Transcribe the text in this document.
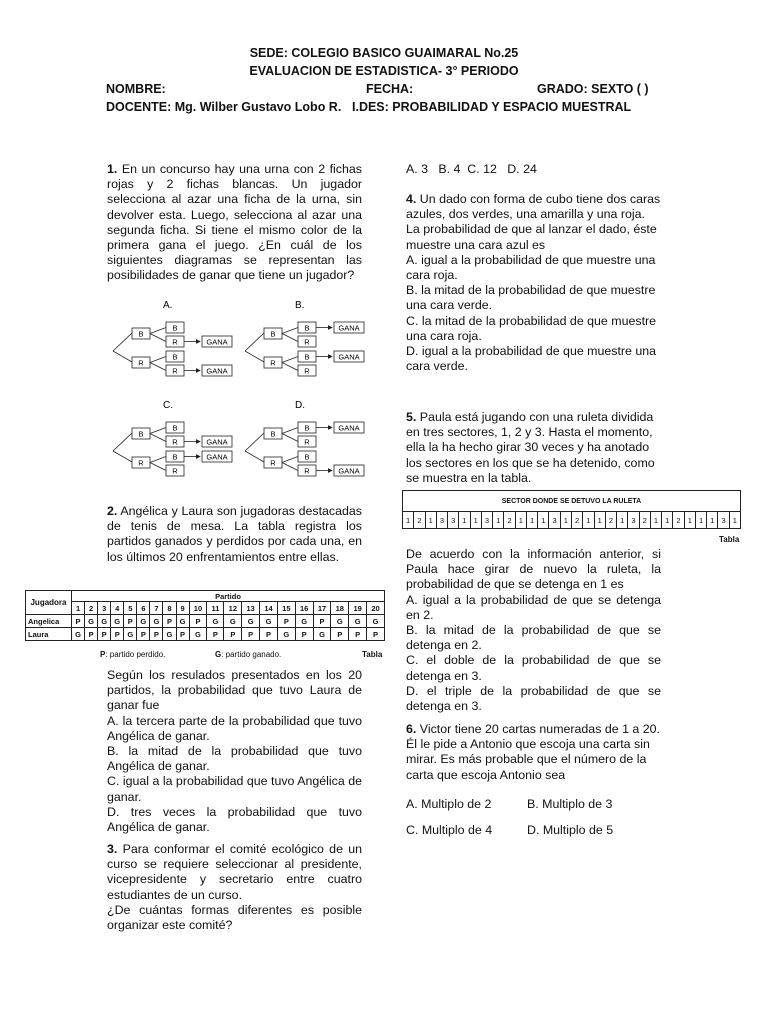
SEDE: COLEGIO BASICO GUAIMARAL No.25
EVALUACION DE ESTADISTICA- 3° PERIODO
NOMBRE:	FECHA:	GRADO: SEXTO ( )
DOCENTE: Mg. Wilber Gustavo Lobo R. I.DES: PROBABILIDAD Y ESPACIO MUESTRAL

1. En un concurso hay una urna con 2 fichas rojas y 2 fichas blancas. Un jugador selecciona al azar una ficha de la urna, sin devolver esta. Luego, selecciona al azar una segunda ficha. Si tiene el mismo color de la primera gana el juego. ¿En cuál de los siguientes diagramas se representan las posibilidades de ganar que tiene un jugador?

A.
B
R
B
R	GANA
B
R	GANA
B.
B
R
B	GANA
R
B	GANA
R
C.
B
R
B
R	GANA
B	GANA
R
D.
B
R
B	GANA
R
B
R	GANA

2. Angélica y Laura son jugadoras destacadas de tenis de mesa. La tabla registra los partidos ganados y perdidos por cada una, en los últimos 20 enfrentamientos entre ellas.

Jugadora	Partido																			
	1	2	3	4	5	6	7	8	9	10	11	12	13	14	15	16	17	18	19	20
Angelica	P	G	G	G	P	G	G	P	G	P	G	G	G	G	P	G	P	G	G	G
Laura	G	P	P	P	G	P	P	G	P	G	P	P	P	P	G	P	G	P	P	P
P: partido perdido.	G: partido ganado.	Tabla

Según los resulados presentados en los 20 partidos, la probabilidad que tuvo Laura de ganar fue

A. la tercera parte de la probabilidad que tuvo Angélica de ganar.

B. la mitad de la probabilidad que tuvo Angélica de ganar.

C. igual a la probabilidad que tuvo Angélica de ganar.

D. tres veces la probabilidad que tuvo Angélica de ganar.

3. Para conformar el comité ecológico de un curso se requiere seleccionar al presidente, vicepresidente y secretario entre cuatro estudiantes de un curso.

¿De cuántas formas diferentes es posible organizar este comité?

A. 3   B. 4  C. 12   D. 24

4. Un dado con forma de cubo tiene dos caras azules, dos verdes, una amarilla y una roja.

La probabilidad de que al lanzar el dado, éste muestre una cara azul es

A. igual a la probabilidad de que muestre una cara roja.

B. la mitad de la probabilidad de que muestre una cara verde.

C. la mitad de la probabilidad de que muestre una cara roja.

D. igual a la probabilidad de que muestre una cara verde.

5. Paula está jugando con una ruleta dividida en tres sectores, 1, 2 y 3. Hasta el momento, ella la ha hecho girar 30 veces y ha anotado los sectores en los que se ha detenido, como se muestra en la tabla.

SECTOR DONDE SE DETUVO LA RULETA
1	2	1	3	3	1	1	3	1	2	1	1	1	3	1	2	1	1	2	1	3	2	1	1	2	1	1	1	3	1
Tabla

De acuerdo con la información anterior, si Paula hace girar de nuevo la ruleta, la probabilidad de que se detenga en 1 es

A. igual a la probabilidad de que se detenga en 2.

B. la mitad de la probabilidad de que se detenga en 2.

C. el doble de la probabilidad de que se detenga en 3.

D. el triple de la probabilidad de que se detenga en 3.

6. Victor tiene 20 cartas numeradas de 1 a 20. Él le pide a Antonio que escoja una carta sin mirar. Es más probable que el número de la carta que escoja Antonio sea

A. Multiplo de 2	B. Multiplo de 3
C. Multiplo de 4	D. Multiplo de 5
